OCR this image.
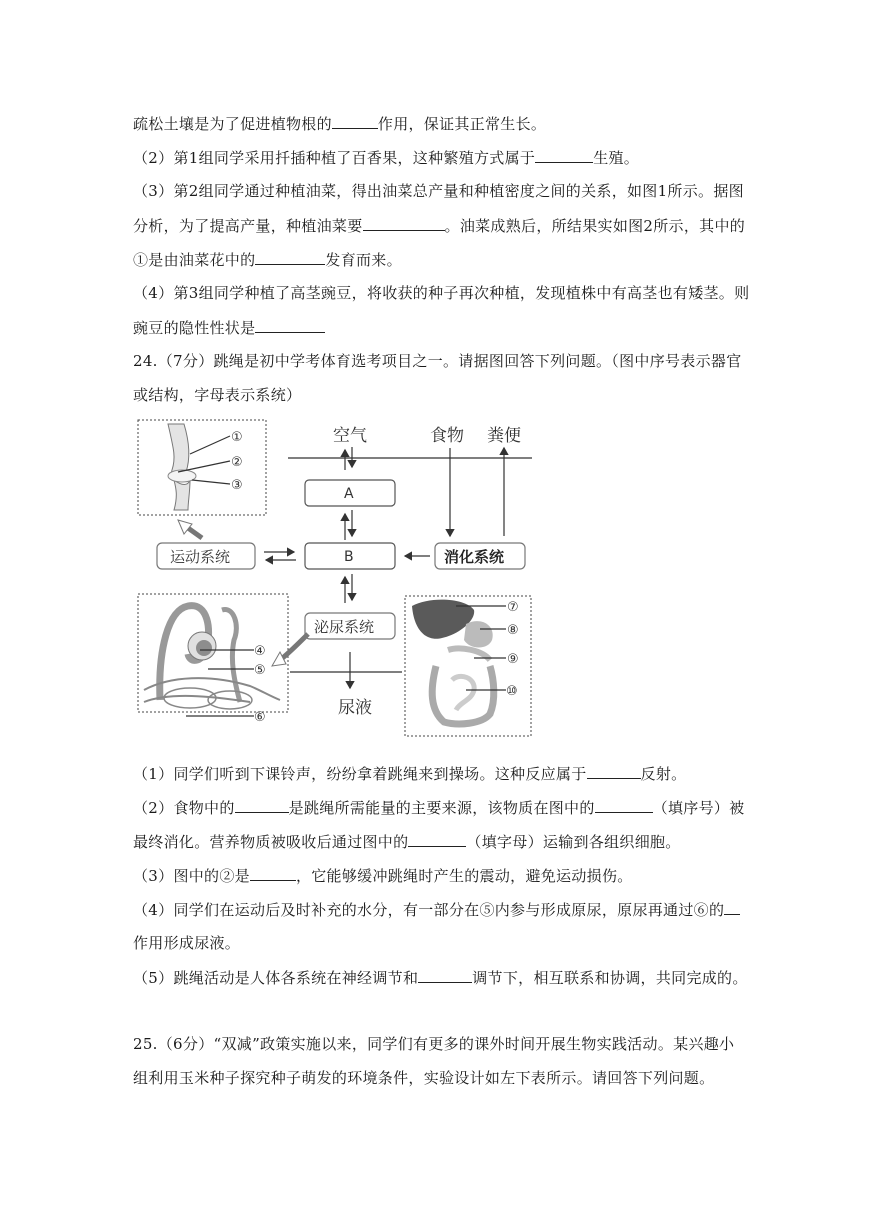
疏松土壤是为了促进植物根的	作用，保证其正常生长。
（2）第1组同学采用扦插种植了百香果，这种繁殖方式属于	生殖。
（3）第2组同学通过种植油菜，得出油菜总产量和种植密度之间的关系，如图1所示。据图
分析，为了提高产量，种植油菜要	。油菜成熟后，所结果实如图2所示，其中的
①是由油菜花中的	发育而来。
（4）第3组同学种植了高茎豌豆，将收获的种子再次种植，发现植株中有高茎也有矮茎。则
豌豆的隐性性状是
24.（7分）跳绳是初中学考体育选考项目之一。请据图回答下列问题。（图中序号表示器官
或结构，字母表示系统）
空气	食物 粪便
A
B
运动系统	消化系统
泌尿系统
尿液
①
②
③
④
⑤
⑥
⑦
⑧
⑨
⑩
（1）同学们听到下课铃声，纷纷拿着跳绳来到操场。这种反应属于	反射。
（2）食物中的	是跳绳所需能量的主要来源，该物质在图中的	（填序号）被
最终消化。营养物质被吸收后通过图中的	（填字母）运输到各组织细胞。
（3）图中的②是	，它能够缓冲跳绳时产生的震动，避免运动损伤。
（4）同学们在运动后及时补充的水分，有一部分在⑤内参与形成原尿，原尿再通过⑥的
作用形成尿液。
（5）跳绳活动是人体各系统在神经调节和	调节下，相互联系和协调，共同完成的。
25.（6分）“双减”政策实施以来，同学们有更多的课外时间开展生物实践活动。某兴趣小
组利用玉米种子探究种子萌发的环境条件，实验设计如左下表所示。请回答下列问题。
